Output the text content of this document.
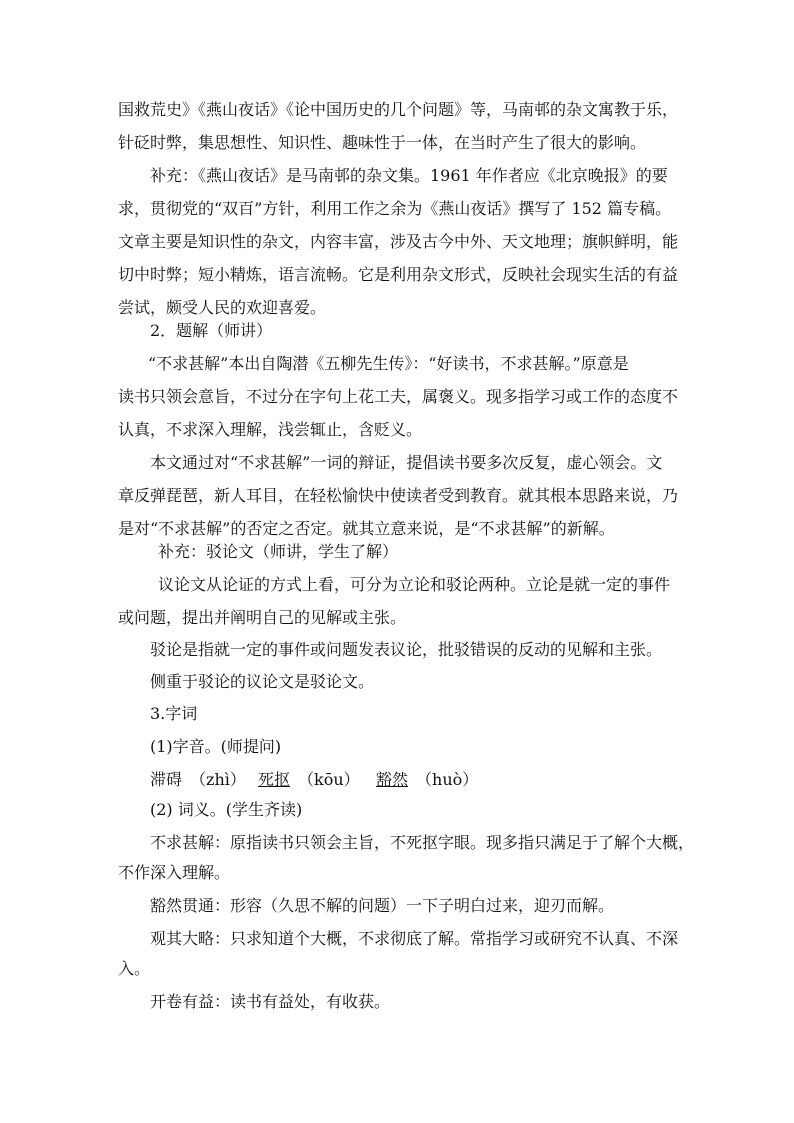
国救荒史》《燕山夜话》《论中国历史的几个问题》等，马南邨的杂文寓教于乐，
针砭时弊，集思想性、知识性、趣味性于一体，在当时产生了很大的影响。
补充：《燕山夜话》是马南邨的杂文集。1961 年作者应《北京晚报》的要
求，贯彻党的“双百”方针，利用工作之余为《燕山夜话》撰写了 152 篇专稿。
文章主要是知识性的杂文，内容丰富，涉及古今中外、天文地理；旗帜鲜明，能
切中时弊；短小精炼，语言流畅。它是利用杂文形式，反映社会现实生活的有益
尝试，颇受人民的欢迎喜爱。
2．题解（师讲）
“不求甚解”本出自陶潜《五柳先生传》：“好读书，不求甚解。”原意是
读书只领会意旨，不过分在字句上花工夫，属褒义。现多指学习或工作的态度不
认真，不求深入理解，浅尝辄止，含贬义。
本文通过对“不求甚解”一词的辩证，提倡读书要多次反复，虚心领会。文
章反弹琵琶，新人耳目，在轻松愉快中使读者受到教育。就其根本思路来说，乃
是对“不求甚解”的否定之否定。就其立意来说，是“不求甚解”的新解。
补充：驳论文（师讲，学生了解）
议论文从论证的方式上看，可分为立论和驳论两种。立论是就一定的事件
或问题，提出并阐明自己的见解或主张。
驳论是指就一定的事件或问题发表议论，批驳错误的反动的见解和主张。
侧重于驳论的议论文是驳论文。
3.字词
(1)字音。(师提问)
滞碍 （zhì） 死抠 （kōu） 豁然 （huò）
(2) 词义。(学生齐读)
不求甚解：原指读书只领会主旨，不死抠字眼。现多指只满足于了解个大概，
不作深入理解。
豁然贯通：形容（久思不解的问题）一下子明白过来，迎刃而解。
观其大略：只求知道个大概，不求彻底了解。常指学习或研究不认真、不深
入。
开卷有益：读书有益处，有收获。
